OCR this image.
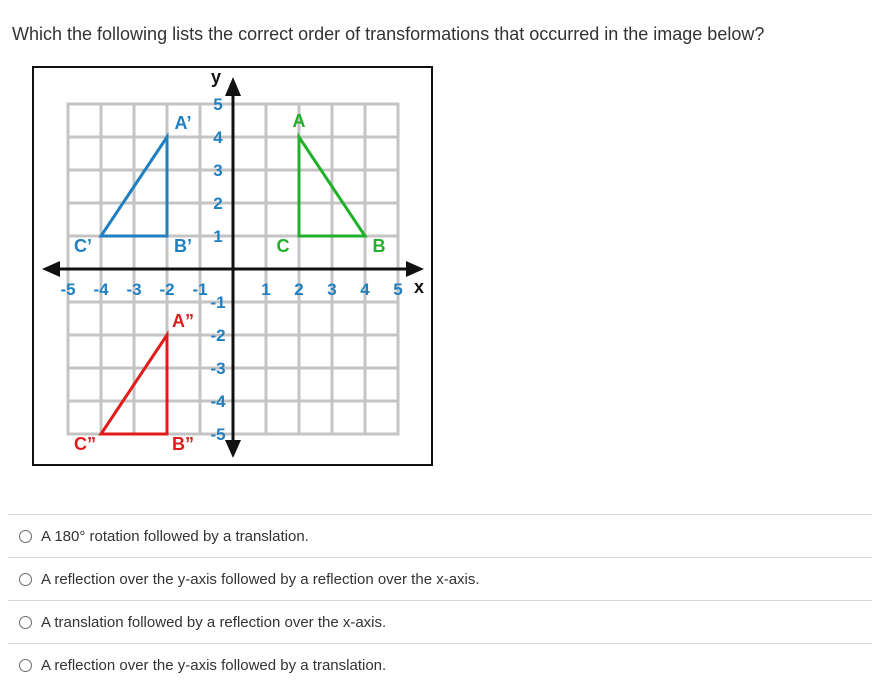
Which the following lists the correct order of transformations that occurred in the image below?
x
y
-5 -4 -3 -2 -1	1 2 3 4 5
5
4
3
2
1
-1
-2
-3
-4
-5
A
B
C
A’
B’
C’
A”
B”
C”
A 180° rotation followed by a translation.
A reflection over the y-axis followed by a reflection over the x-axis.
A translation followed by a reflection over the x-axis.
A reflection over the y-axis followed by a translation.
